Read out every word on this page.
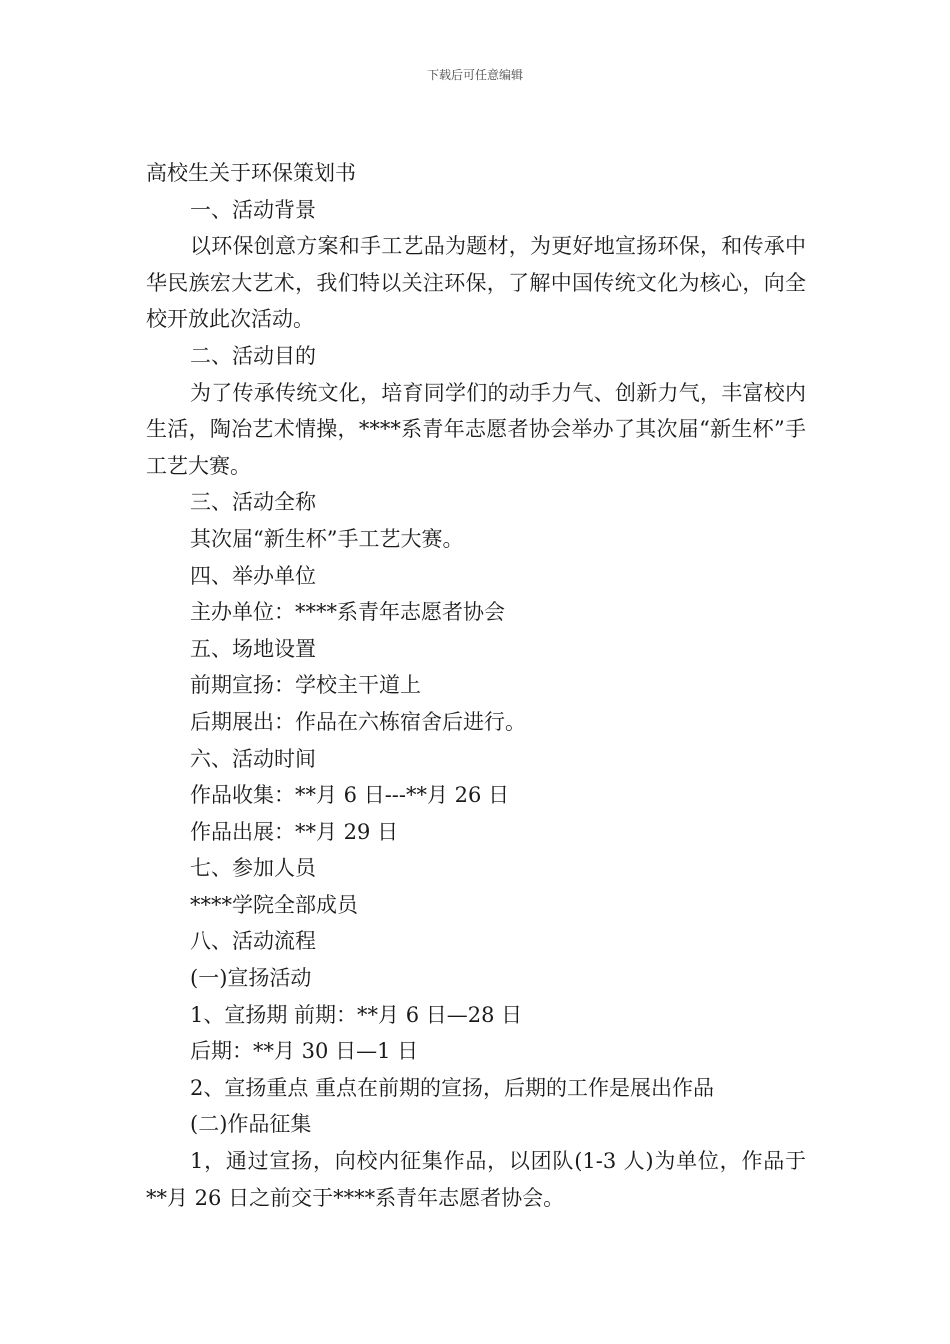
下载后可任意编辑

高校生关于环保策划书

一、活动背景

以环保创意方案和手工艺品为题材，为更好地宣扬环保，和传承中华民族宏大艺术，我们特以关注环保，了解中国传统文化为核心，向全校开放此次活动。

二、活动目的

为了传承传统文化，培育同学们的动手力气、创新力气，丰富校内生活，陶冶艺术情操，****系青年志愿者协会举办了其次届“新生杯”手工艺大赛。

三、活动全称

其次届“新生杯”手工艺大赛。

四、举办单位

主办单位：****系青年志愿者协会

五、场地设置

前期宣扬：学校主干道上

后期展出：作品在六栋宿舍后进行。

六、活动时间

作品收集：**月 6 日---**月 26 日

作品出展：**月 29 日

七、参加人员

****学院全部成员

八、活动流程

(一)宣扬活动

1、宣扬期 前期：**月 6 日—28 日

后期：**月 30 日—1 日

2、宣扬重点 重点在前期的宣扬，后期的工作是展出作品

(二)作品征集

1，通过宣扬，向校内征集作品，以团队(1-3 人)为单位，作品于**月 26 日之前交于****系青年志愿者协会。
